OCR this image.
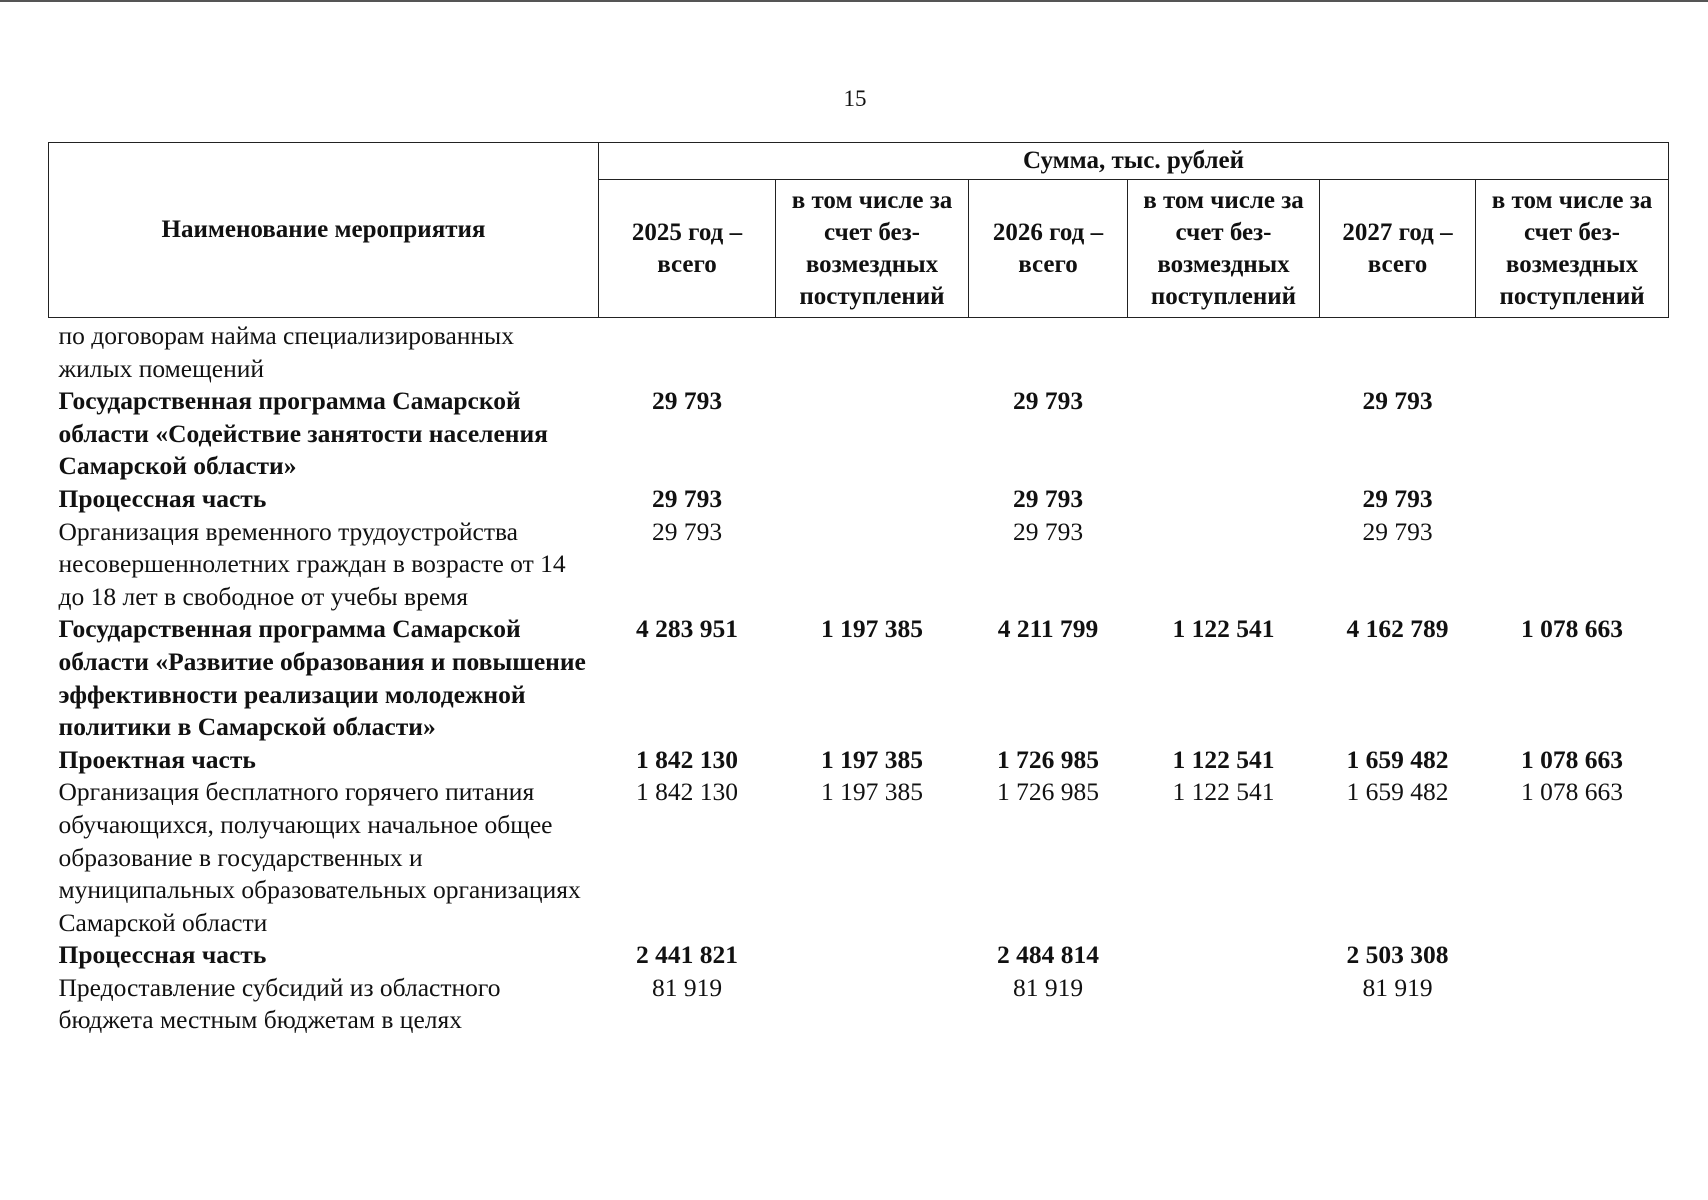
15
Наименование мероприятия	Сумма, тыс. рублей					
	2025 год – всего	в том числе за счет без-возмездных поступлений	2026 год – всего	в том числе за счет без-возмездных поступлений	2027 год – всего	в том числе за счет без-возмездных поступлений
по договорам найма специализированных жилых помещений						
Государственная программа Самарской области «Содействие занятости населения Самарской области»	29 793		29 793		29 793	
Процессная часть	29 793		29 793		29 793	
Организация временного трудоустройства несовершеннолетних граждан в возрасте от 14 до 18 лет в свободное от учебы время	29 793		29 793		29 793	
Государственная программа Самарской области «Развитие образования и повышение эффективности реализации молодежной политики в Самарской области»	4 283 951	1 197 385	4 211 799	1 122 541	4 162 789	1 078 663
Проектная часть	1 842 130	1 197 385	1 726 985	1 122 541	1 659 482	1 078 663
Организация бесплатного горячего питания обучающихся, получающих начальное общее образование в государственных и муниципальных образовательных организациях Самарской области	1 842 130	1 197 385	1 726 985	1 122 541	1 659 482	1 078 663
Процессная часть	2 441 821		2 484 814		2 503 308	
Предоставление субсидий из областного бюджета местным бюджетам в целях	81 919		81 919		81 919	
